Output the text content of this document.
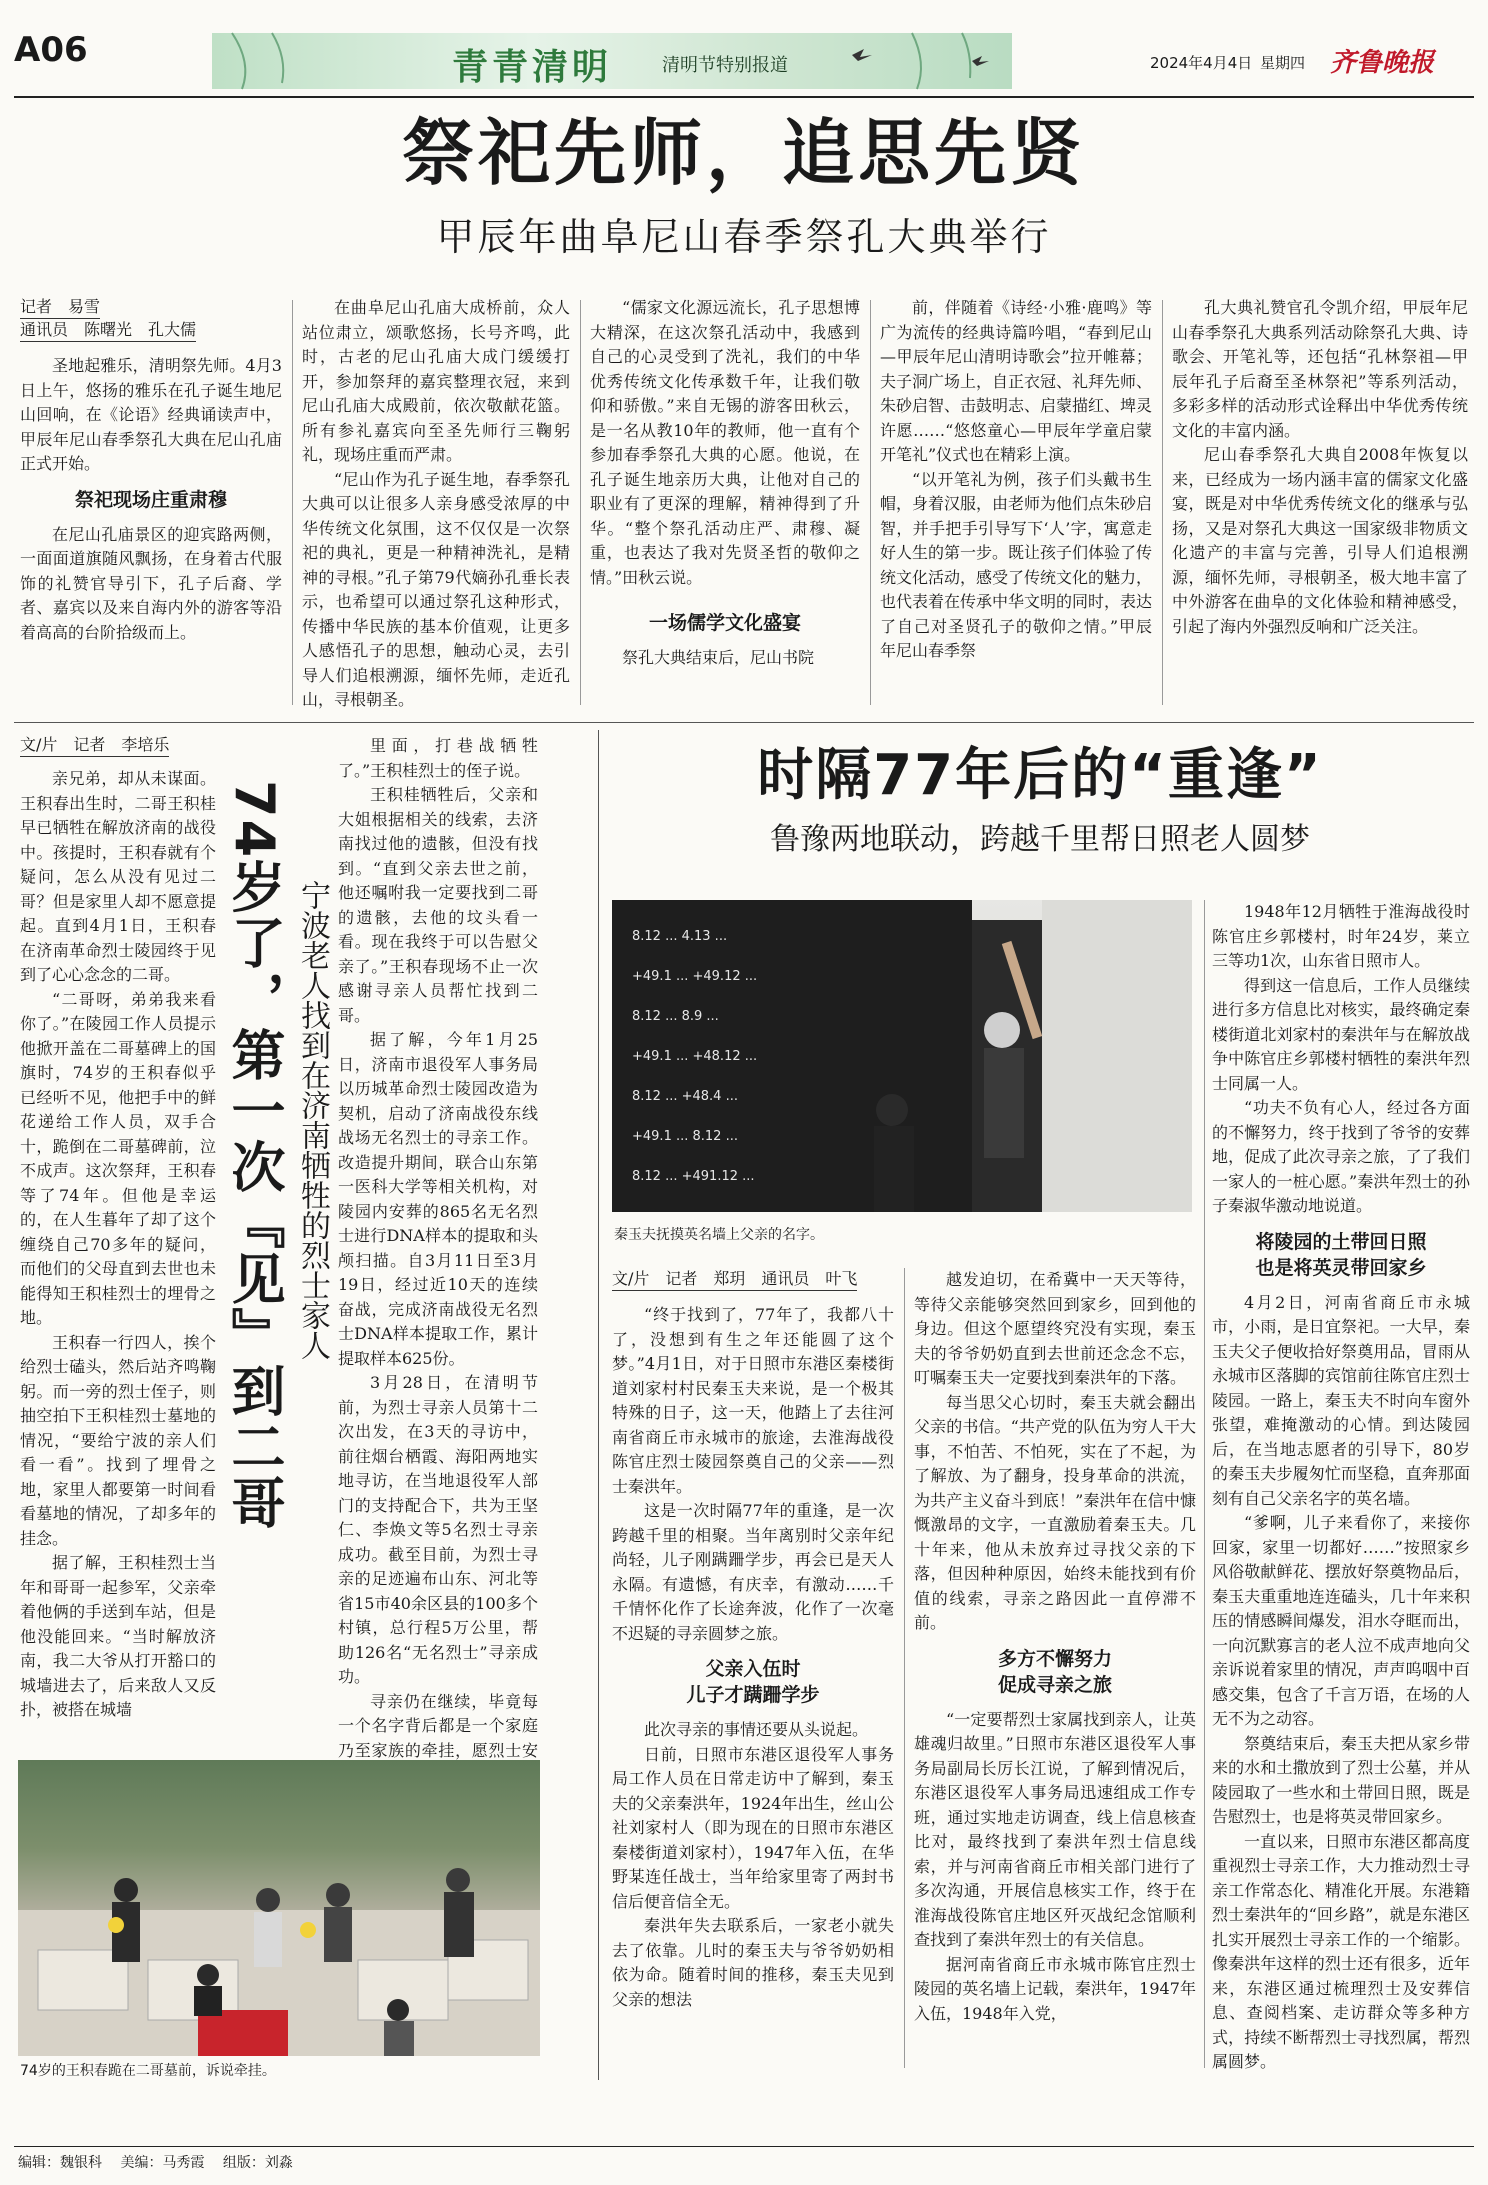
A06	青青清明	清明节特别报道	2024年4月4日 星期四 齐鲁晚报
祭祀先师，追思先贤
甲辰年曲阜尼山春季祭孔大典举行
记者　易雪
通讯员　陈曙光　孔大儒

圣地起雅乐，清明祭先师。4月3日上午，悠扬的雅乐在孔子诞生地尼山回响，在《论语》经典诵读声中，甲辰年尼山春季祭孔大典在尼山孔庙正式开始。

祭祀现场庄重肃穆

在尼山孔庙景区的迎宾路两侧，一面面道旗随风飘扬，在身着古代服饰的礼赞官导引下，孔子后裔、学者、嘉宾以及来自海内外的游客等沿着高高的台阶拾级而上。

在曲阜尼山孔庙大成桥前，众人站位肃立，颂歌悠扬，长号齐鸣，此时，古老的尼山孔庙大成门缓缓打开，参加祭拜的嘉宾整理衣冠，来到尼山孔庙大成殿前，依次敬献花篮。所有参礼嘉宾向至圣先师行三鞠躬礼，现场庄重而严肃。

“尼山作为孔子诞生地，春季祭孔大典可以让很多人亲身感受浓厚的中华传统文化氛围，这不仅仅是一次祭祀的典礼，更是一种精神洗礼，是精神的寻根。”孔子第79代嫡孙孔垂长表示，也希望可以通过祭孔这种形式，传播中华民族的基本价值观，让更多人感悟孔子的思想，触动心灵，去引导人们追根溯源，缅怀先师，走近孔山，寻根朝圣。

“儒家文化源远流长，孔子思想博大精深，在这次祭孔活动中，我感到自己的心灵受到了洗礼，我们的中华优秀传统文化传承数千年，让我们敬仰和骄傲。”来自无锡的游客田秋云，是一名从教10年的教师，他一直有个参加春季祭孔大典的心愿。他说，在孔子诞生地亲历大典，让他对自己的职业有了更深的理解，精神得到了升华。“整个祭孔活动庄严、肃穆、凝重，也表达了我对先贤圣哲的敬仰之情。”田秋云说。

一场儒学文化盛宴

祭孔大典结束后，尼山书院

前，伴随着《诗经·小雅·鹿鸣》等广为流传的经典诗篇吟唱，“春到尼山—甲辰年尼山清明诗歌会”拉开帷幕；夫子洞广场上，自正衣冠、礼拜先师、朱砂启智、击鼓明志、启蒙描红、埤灵许愿……“悠悠童心—甲辰年学童启蒙开笔礼”仪式也在精彩上演。

“以开笔礼为例，孩子们头戴书生帽，身着汉服，由老师为他们点朱砂启智，并手把手引导写下‘人’字，寓意走好人生的第一步。既让孩子们体验了传统文化活动，感受了传统文化的魅力，也代表着在传承中华文明的同时，表达了自己对圣贤孔子的敬仰之情。”甲辰年尼山春季祭

孔大典礼赞官孔令凯介绍，甲辰年尼山春季祭孔大典系列活动除祭孔大典、诗歌会、开笔礼等，还包括“孔林祭祖—甲辰年孔子后裔至圣林祭祀”等系列活动，多彩多样的活动形式诠释出中华优秀传统文化的丰富内涵。

尼山春季祭孔大典自2008年恢复以来，已经成为一场内涵丰富的儒家文化盛宴，既是对中华优秀传统文化的继承与弘扬，又是对祭孔大典这一国家级非物质文化遗产的丰富与完善，引导人们追根溯源，缅怀先师，寻根朝圣，极大地丰富了中外游客在曲阜的文化体验和精神感受，引起了海内外强烈反响和广泛关注。

文/片　记者　李培乐

亲兄弟，却从未谋面。王积春出生时，二哥王积桂早已牺牲在解放济南的战役中。孩提时，王积春就有个疑问，怎么从没有见过二哥？但是家里人却不愿意提起。直到4月1日，王积春在济南革命烈士陵园终于见到了心心念念的二哥。

“二哥呀，弟弟我来看你了。”在陵园工作人员提示他掀开盖在二哥墓碑上的国旗时，74岁的王积春似乎已经听不见，他把手中的鲜花递给工作人员，双手合十，跪倒在二哥墓碑前，泣不成声。这次祭拜，王积春等了74年。但他是幸运的，在人生暮年了却了这个缠绕自己70多年的疑问，而他们的父母直到去世也未能得知王积桂烈士的埋骨之地。

王积春一行四人，挨个给烈士磕头，然后站齐鸣鞠躬。而一旁的烈士侄子，则抽空拍下王积桂烈士墓地的情况，“要给宁波的亲人们看一看”。找到了埋骨之地，家里人都要第一时间看看墓地的情况，了却多年的挂念。

据了解，王积桂烈士当年和哥哥一起参军，父亲牵着他俩的手送到车站，但是他没能回来。“当时解放济南，我二大爷从打开豁口的城墙进去了，后来敌人又反扑，被搭在城墙

74岁了，第一次『见』到二哥 宁波老人找到在济南牺牲的烈士家人

里面，打巷战牺牲了。”王积桂烈士的侄子说。

王积桂牺牲后，父亲和大姐根据相关的线索，去济南找过他的遗骸，但没有找到。“直到父亲去世之前，他还嘱咐我一定要找到二哥的遗骸，去他的坟头看一看。现在我终于可以告慰父亲了。”王积春现场不止一次感谢寻亲人员帮忙找到二哥。

据了解，今年1月25日，济南市退役军人事务局以历城革命烈士陵园改造为契机，启动了济南战役东线战场无名烈士的寻亲工作。改造提升期间，联合山东第一医科大学等相关机构，对陵园内安葬的865名无名烈士进行DNA样本的提取和头颅扫描。自3月11日至3月19日，经过近10天的连续奋战，完成济南战役无名烈士DNA样本提取工作，累计提取样本625份。

3月28日，在清明节前，为烈士寻亲人员第十二次出发，在3天的寻访中，前往烟台栖霞、海阳两地实地寻访，在当地退役军人部门的支持配合下，共为王坚仁、李焕文等5名烈士寻亲成功。截至目前，为烈士寻亲的足迹遍布山东、河北等省15市40余区县的100多个村镇，总行程5万公里，帮助126名“无名烈士”寻亲成功。

寻亲仍在继续，毕竟每一个名字背后都是一个家庭乃至家族的牵挂，愿烈士安

74岁的王积春跪在二哥墓前，诉说牵挂。
时隔77年后的“重逢”
鲁豫两地联动，跨越千里帮日照老人圆梦
8.12 ... 4.13 ...
+49.1 ... +49.12 ...
8.12 ... 8.9 ...
+49.1 ... +48.12 ...
8.12 ... +48.4 ...
+49.1 ... 8.12 ...
8.12 ... +491.12 ...
秦玉夫抚摸英名墙上父亲的名字。
文/片　记者　郑玥　通讯员　叶飞

“终于找到了，77年了，我都八十了，没想到有生之年还能圆了这个梦。”4月1日，对于日照市东港区秦楼街道刘家村村民秦玉夫来说，是一个极其特殊的日子，这一天，他踏上了去往河南省商丘市永城市的旅途，去淮海战役陈官庄烈士陵园祭奠自己的父亲——烈士秦洪年。

这是一次时隔77年的重逢，是一次跨越千里的相聚。当年离别时父亲年纪尚轻，儿子刚蹒跚学步，再会已是天人永隔。有遗憾，有庆幸，有激动……千千情怀化作了长途奔波，化作了一次毫不迟疑的寻亲圆梦之旅。

父亲入伍时
儿子才蹒跚学步

此次寻亲的事情还要从头说起。

日前，日照市东港区退役军人事务局工作人员在日常走访中了解到，秦玉夫的父亲秦洪年，1924年出生，丝山公社刘家村人（即为现在的日照市东港区秦楼街道刘家村），1947年入伍，在华野某连任战士，当年给家里寄了两封书信后便音信全无。

秦洪年失去联系后，一家老小就失去了依靠。儿时的秦玉夫与爷爷奶奶相依为命。随着时间的推移，秦玉夫见到父亲的想法

越发迫切，在希冀中一天天等待，等待父亲能够突然回到家乡，回到他的身边。但这个愿望终究没有实现，秦玉夫的爷爷奶奶直到去世前还念念不忘，叮嘱秦玉夫一定要找到秦洪年的下落。

每当思父心切时，秦玉夫就会翻出父亲的书信。“共产党的队伍为穷人干大事，不怕苦、不怕死，实在了不起，为了解放、为了翻身，投身革命的洪流，为共产主义奋斗到底！”秦洪年在信中慷慨激昂的文字，一直激励着秦玉夫。几十年来，他从未放弃过寻找父亲的下落，但因种种原因，始终未能找到有价值的线索，寻亲之路因此一直停滞不前。

多方不懈努力
促成寻亲之旅

“一定要帮烈士家属找到亲人，让英雄魂归故里。”日照市东港区退役军人事务局副局长厉长江说，了解到情况后，东港区退役军人事务局迅速组成工作专班，通过实地走访调查，线上信息核查比对，最终找到了秦洪年烈士信息线索，并与河南省商丘市相关部门进行了多次沟通，开展信息核实工作，终于在淮海战役陈官庄地区歼灭战纪念馆顺利查找到了秦洪年烈士的有关信息。

据河南省商丘市永城市陈官庄烈士陵园的英名墙上记载，秦洪年，1947年入伍，1948年入党，

1948年12月牺牲于淮海战役时陈官庄乡郭楼村，时年24岁，莱立三等功1次，山东省日照市人。

得到这一信息后，工作人员继续进行多方信息比对核实，最终确定秦楼街道北刘家村的秦洪年与在解放战争中陈官庄乡郭楼村牺牲的秦洪年烈士同属一人。

“功夫不负有心人，经过各方面的不懈努力，终于找到了爷爷的安葬地，促成了此次寻亲之旅，了了我们一家人的一桩心愿。”秦洪年烈士的孙子秦淑华激动地说道。

将陵园的土带回日照
也是将英灵带回家乡

4月2日，河南省商丘市永城市，小雨，是日宜祭祀。一大早，秦玉夫父子便收拾好祭奠用品，冒雨从永城市区落脚的宾馆前往陈官庄烈士陵园。一路上，秦玉夫不时向车窗外张望，难掩激动的心情。到达陵园后，在当地志愿者的引导下，80岁的秦玉夫步履匆忙而坚稳，直奔那面刻有自己父亲名字的英名墙。

“爹啊，儿子来看你了，来接你回家，家里一切都好……”按照家乡风俗敬献鲜花、摆放好祭奠物品后，秦玉夫重重地连连磕头，几十年来积压的情感瞬间爆发，泪水夺眶而出，一向沉默寡言的老人泣不成声地向父亲诉说着家里的情况，声声呜咽中百感交集，包含了千言万语，在场的人无不为之动容。

祭奠结束后，秦玉夫把从家乡带来的水和土撒放到了烈士公墓，并从陵园取了一些水和土带回日照，既是告慰烈士，也是将英灵带回家乡。

一直以来，日照市东港区都高度重视烈士寻亲工作，大力推动烈士寻亲工作常态化、精准化开展。东港籍烈士秦洪年的“回乡路”，就是东港区扎实开展烈士寻亲工作的一个缩影。像秦洪年这样的烈士还有很多，近年来，东港区通过梳理烈士及安葬信息、查阅档案、走访群众等多种方式，持续不断帮烈士寻找烈属，帮烈属圆梦。

编辑：魏银科　 美编：马秀霞　 组版：刘淼
